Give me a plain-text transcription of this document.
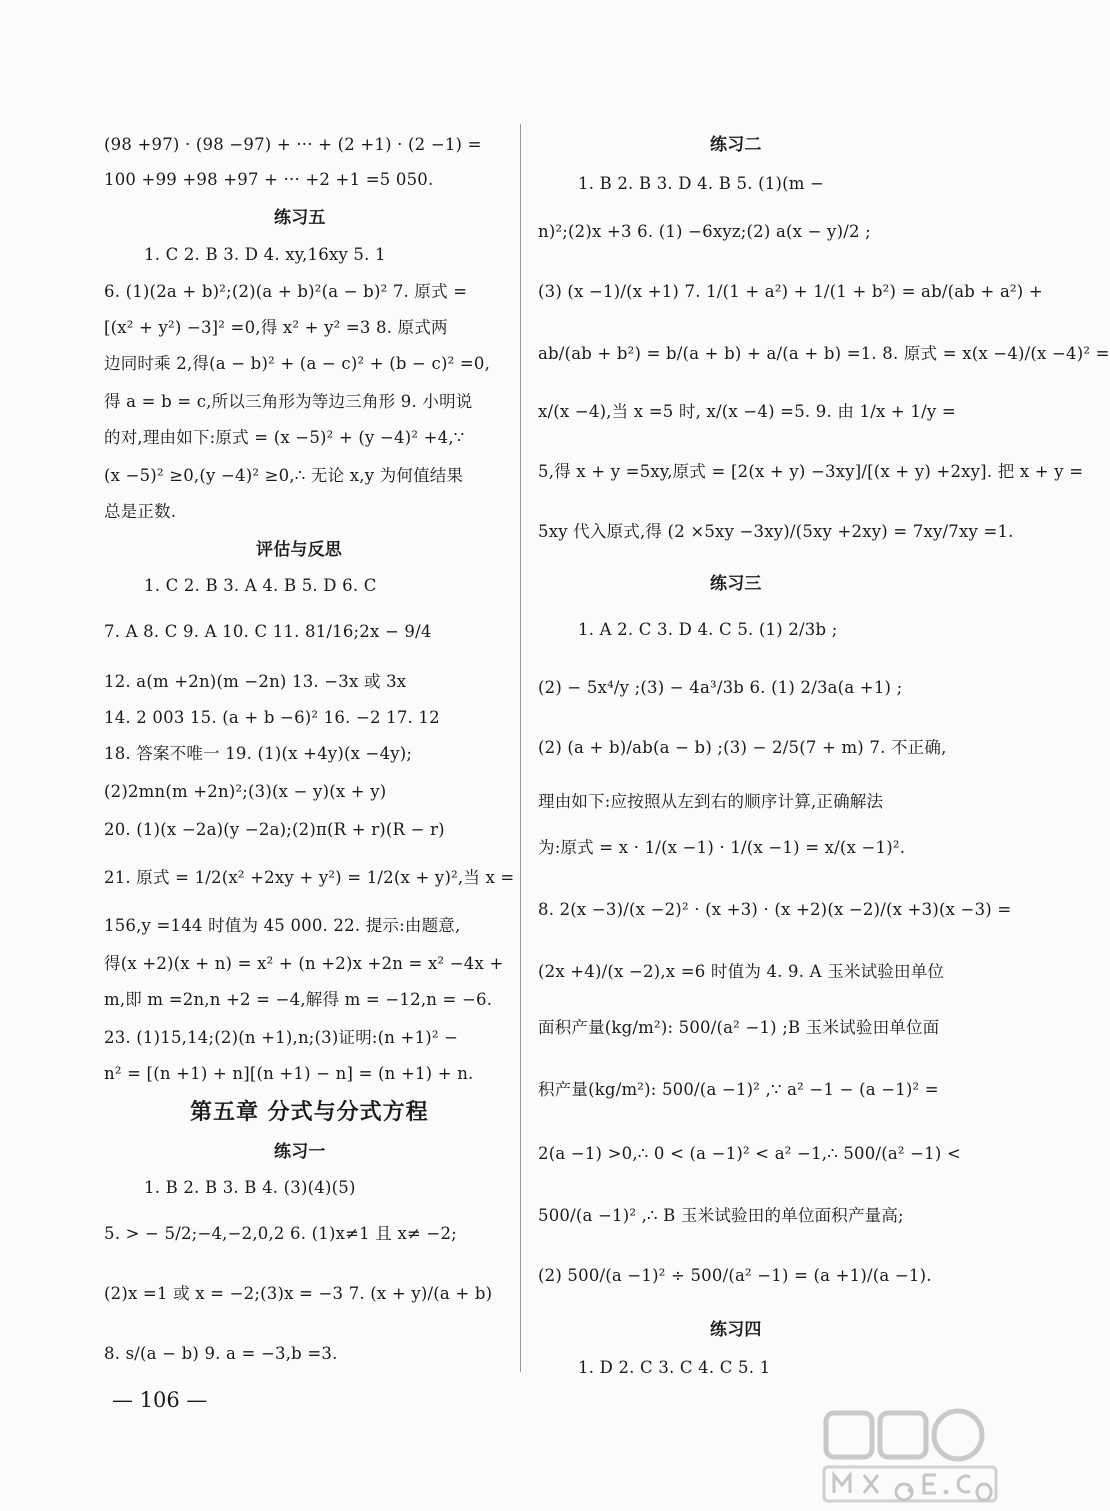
(98 +97) · (98 −97) + ··· + (2 +1) · (2 −1) =
100 +99 +98 +97 + ··· +2 +1 =5 050.
练习五
1. C 2. B 3. D 4. xy,16xy 5. 1
6. (1)(2a + b)²;(2)(a + b)²(a − b)² 7. 原式 =
[(x² + y²) −3]² =0,得 x² + y² =3 8. 原式两
边同时乘 2,得(a − b)² + (a − c)² + (b − c)² =0,
得 a = b = c,所以三角形为等边三角形 9. 小明说
的对,理由如下:原式 = (x −5)² + (y −4)² +4,∵
(x −5)² ≥0,(y −4)² ≥0,∴ 无论 x,y 为何值结果
总是正数.
评估与反思
1. C 2. B 3. A 4. B 5. D 6. C
7. A 8. C 9. A 10. C 11. 81/16;2x − 9/4
12. a(m +2n)(m −2n) 13. −3x 或 3x
14. 2 003 15. (a + b −6)² 16. −2 17. 12
18. 答案不唯一 19. (1)(x +4y)(x −4y);
(2)2mn(m +2n)²;(3)(x − y)(x + y)
20. (1)(x −2a)(y −2a);(2)π(R + r)(R − r)
21. 原式 = 1/2(x² +2xy + y²) = 1/2(x + y)²,当 x =
156,y =144 时值为 45 000. 22. 提示:由题意,
得(x +2)(x + n) = x² + (n +2)x +2n = x² −4x +
m,即 m =2n,n +2 = −4,解得 m = −12,n = −6.
23. (1)15,14;(2)(n +1),n;(3)证明:(n +1)² −
n² = [(n +1) + n][(n +1) − n] = (n +1) + n.
第五章 分式与分式方程
练习一
1. B 2. B 3. B 4. (3)(4)(5)
5. > − 5/2;−4,−2,0,2 6. (1)x≠1 且 x≠ −2;
(2)x =1 或 x = −2;(3)x = −3 7. (x + y)/(a + b)
8. s/(a − b) 9. a = −3,b =3.
练习二
1. B 2. B 3. D 4. B 5. (1)(m −
n)²;(2)x +3 6. (1) −6xyz;(2) a(x − y)/2 ;
(3) (x −1)/(x +1) 7. 1/(1 + a²) + 1/(1 + b²) = ab/(ab + a²) +
ab/(ab + b²) = b/(a + b) + a/(a + b) =1. 8. 原式 = x(x −4)/(x −4)² =
x/(x −4),当 x =5 时, x/(x −4) =5. 9. 由 1/x + 1/y =
5,得 x + y =5xy,原式 = [2(x + y) −3xy]/[(x + y) +2xy]. 把 x + y =
5xy 代入原式,得 (2 ×5xy −3xy)/(5xy +2xy) = 7xy/7xy =1.
练习三
1. A 2. C 3. D 4. C 5. (1) 2/3b ;
(2) − 5x⁴/y ;(3) − 4a³/3b 6. (1) 2/3a(a +1) ;
(2) (a + b)/ab(a − b) ;(3) − 2/5(7 + m) 7. 不正确,
理由如下:应按照从左到右的顺序计算,正确解法
为:原式 = x · 1/(x −1) · 1/(x −1) = x/(x −1)².
8. 2(x −3)/(x −2)² · (x +3) · (x +2)(x −2)/(x +3)(x −3) =
(2x +4)/(x −2),x =6 时值为 4. 9. A 玉米试验田单位
面积产量(kg/m²): 500/(a² −1) ;B 玉米试验田单位面
积产量(kg/m²): 500/(a −1)² ,∵ a² −1 − (a −1)² =
2(a −1) >0,∴ 0 < (a −1)² < a² −1,∴ 500/(a² −1) <
500/(a −1)² ,∴ B 玉米试验田的单位面积产量高;
(2) 500/(a −1)² ÷ 500/(a² −1) = (a +1)/(a −1).
练习四
1. D 2. C 3. C 4. C 5. 1
— 106 —
